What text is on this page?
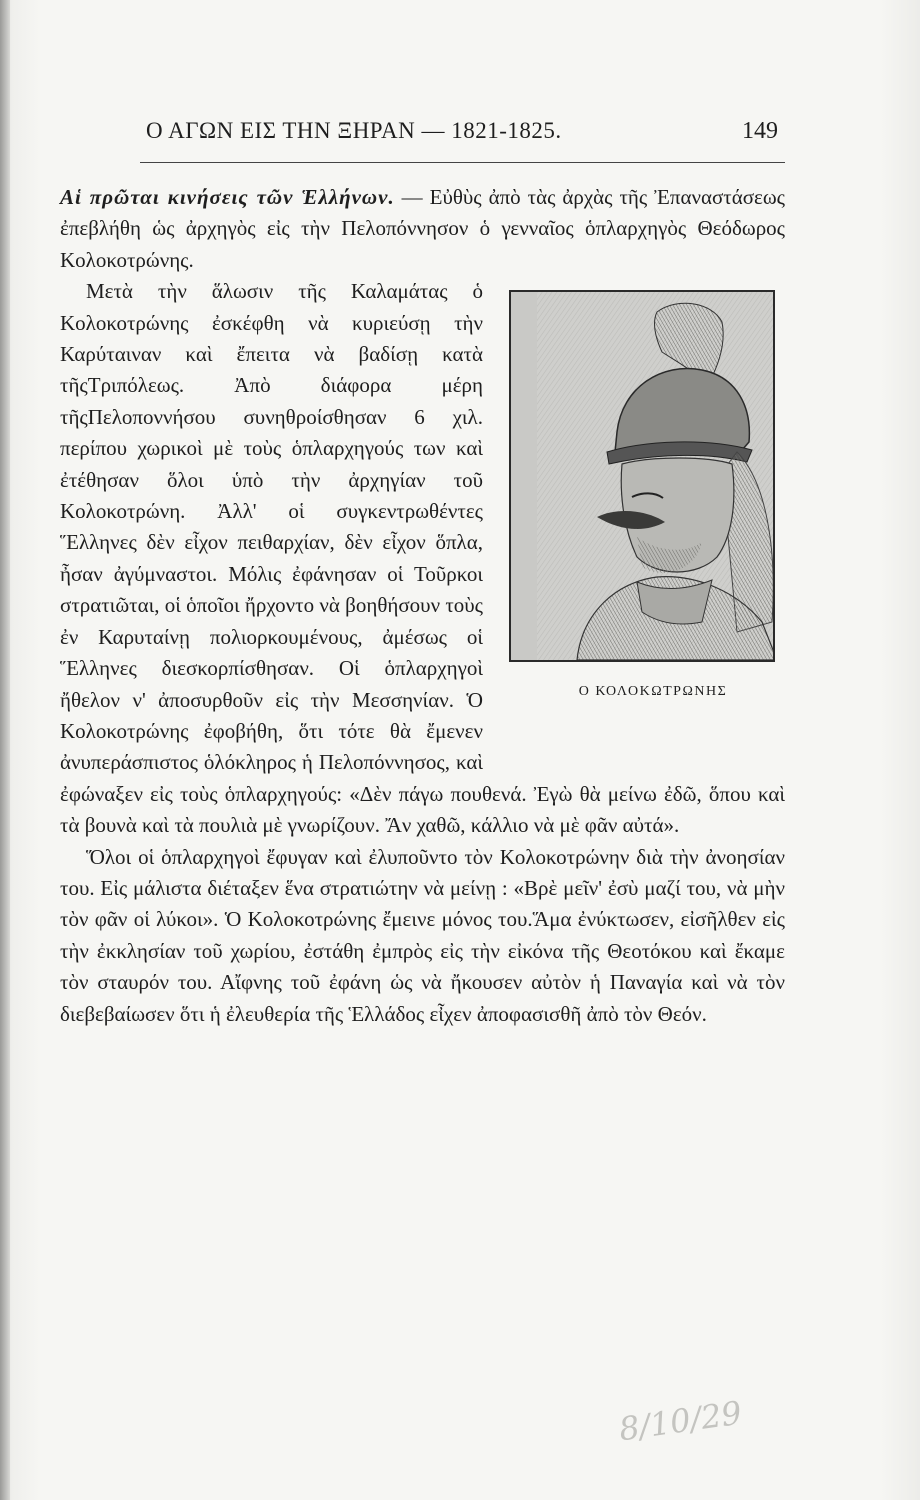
Ο ΑΓΩΝ ΕΙΣ ΤΗΝ ΞΗΡΑΝ — 1821-1825.	149

Αἱ πρῶται κινήσεις τῶν Ἑλλήνων. — Εὐθὺς ἀπὸ τὰς ἀρχὰς τῆς Ἐπαναστάσεως ἐπεβλήθη ὡς ἀρχηγὸς εἰς τὴν Πελοπόννησον ὁ γενναῖος ὁπλαρχηγὸς Θεόδωρος Κολοκοτρώνης.

Ο ΚΟΛΟΚΩΤΡΩΝΗΣ
Μετὰ τὴν ἅλωσιν τῆς Καλαμάτας ὁ Κολοκοτρώνης ἐσκέφθη νὰ κυριεύσῃ τὴν Καρύταιναν καὶ ἔπειτα νὰ βαδίσῃ κατὰ τῆςΤριπόλεως. Ἀπὸ διάφορα μέρη τῆςΠελοποννήσου συνηθροίσθησαν 6 χιλ. περίπου χωρικοὶ μὲ τοὺς ὁπλαρχηγούς των καὶ ἐτέθησαν ὅλοι ὑπὸ τὴν ἀρχηγίαν τοῦ Κολοκοτρώνη. Ἀλλ' οἱ συγκεντρωθέντες Ἕλληνες δὲν εἶχον πειθαρχίαν, δὲν εἶχον ὅπλα, ἦσαν ἀγύμναστοι. Μόλις ἐφάνησαν οἱ Τοῦρκοι στρατιῶται, οἱ ὁποῖοι ἤρχοντο νὰ βοηθήσουν τοὺς ἐν Καρυταίνῃ πολιορκουμένους, ἀμέσως οἱ Ἕλληνες διεσκορπίσθησαν. Οἱ ὁπλαρχηγοὶ ἤθελον ν' ἀποσυρθοῦν εἰς τὴν Μεσσηνίαν. Ὁ Κολοκοτρώνης ἐφοβήθη, ὅτι τότε θὰ ἔμενεν ἀνυπεράσπιστος ὁλόκληρος ἡ Πελοπόννησος, καὶ ἐφώναξεν εἰς τοὺς ὁπλαρχηγούς: «Δὲν πάγω πουθενά. Ἐγὼ θὰ μείνω ἐδῶ, ὅπου καὶ τὰ βουνὰ καὶ τὰ πουλιὰ μὲ γνωρίζουν. Ἄν χαθῶ, κάλλιο νὰ μὲ φᾶν αὐτά».

Ὅλοι οἱ ὁπλαρχηγοὶ ἔφυγαν καὶ ἐλυποῦντο τὸν Κολοκοτρώνην διὰ τὴν ἀνοησίαν του. Εἰς μάλιστα διέταξεν ἕνα στρατιώτην νὰ μείνῃ : «Βρὲ μεῖν' ἐσὺ μαζί του, νὰ μὴν τὸν φᾶν οἱ λύκοι». Ὁ Κολοκοτρώνης ἔμεινε μόνος του.Ἅμα ἐνύκτωσεν, εἰσῆλθεν εἰς τὴν ἐκκλησίαν τοῦ χωρίου, ἐστάθη ἐμπρὸς εἰς τὴν εἰκόνα τῆς Θεοτόκου καὶ ἔκαμε τὸν σταυρόν του. Αἴφνης τοῦ ἐφάνη ὡς νὰ ἤκουσεν αὐτὸν ἡ Παναγία καὶ νὰ τὸν διεβεβαίωσεν ὅτι ἡ ἐλευθερία τῆς Ἑλλάδος εἶχεν ἀποφασισθῆ ἀπὸ τὸν Θεόν.

8/10/29
